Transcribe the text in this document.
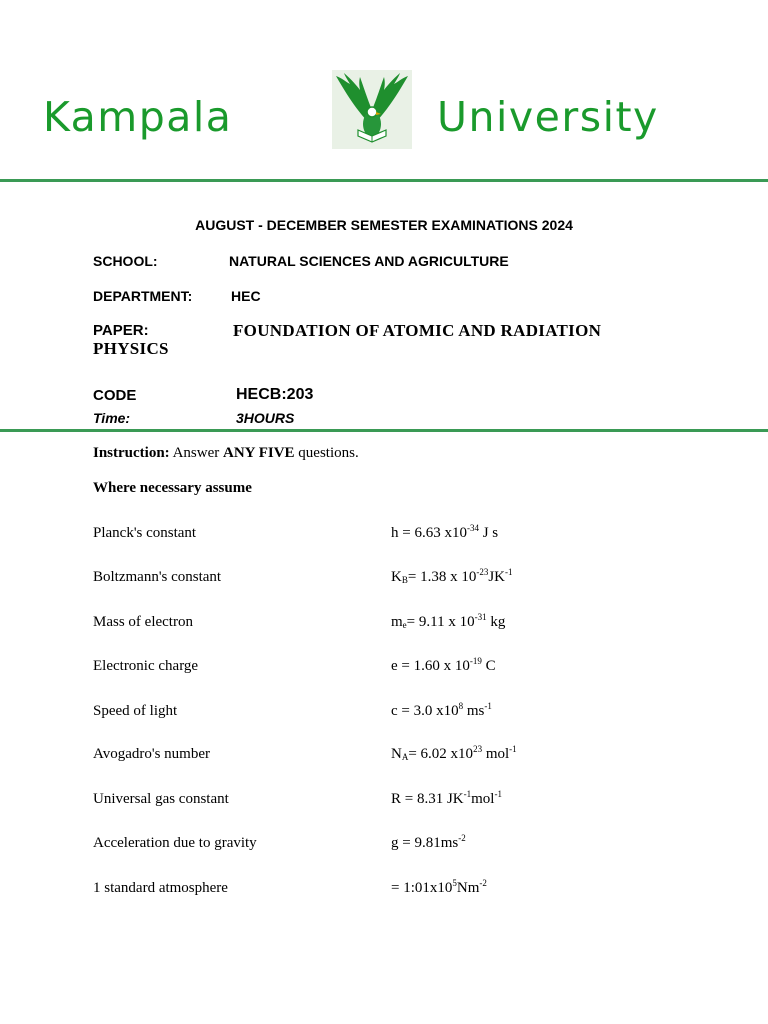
Kampala	University
AUGUST - DECEMBER SEMESTER EXAMINATIONS 2024
SCHOOL:	NATURAL SCIENCES AND AGRICULTURE
DEPARTMENT:	HEC
PAPER:	FOUNDATION OF ATOMIC AND RADIATION
PHYSICS
CODE	HECB:203
Time:	3HOURS
Instruction: Answer ANY FIVE questions.
Where necessary assume
Planck's constant	h = 6.63 $x10^{-34}$ J s
Boltzmann's constant	$K_B= 1.38$ x $10^{-23}JK^{-1}$
Mass of electron	$m_e= 9.11$ x $10^{-31}$ kg
Electronic charge	e = 1.60 x $10^{-19}$ C
Speed of light	c = 3.0 $x10^8$ $ms^{-1}$
Avogadro's number	$N_A= 6.02$ $x10^{23}$ mol$^{-1}$
Universal gas constant	R = 8.31 $JK^{-1}mol^{-1}$
Acceleration due to gravity	$g = 9.81ms^{-2}$
1 standard atmosphere	= $1:01x10^5Nm^{-2}$
